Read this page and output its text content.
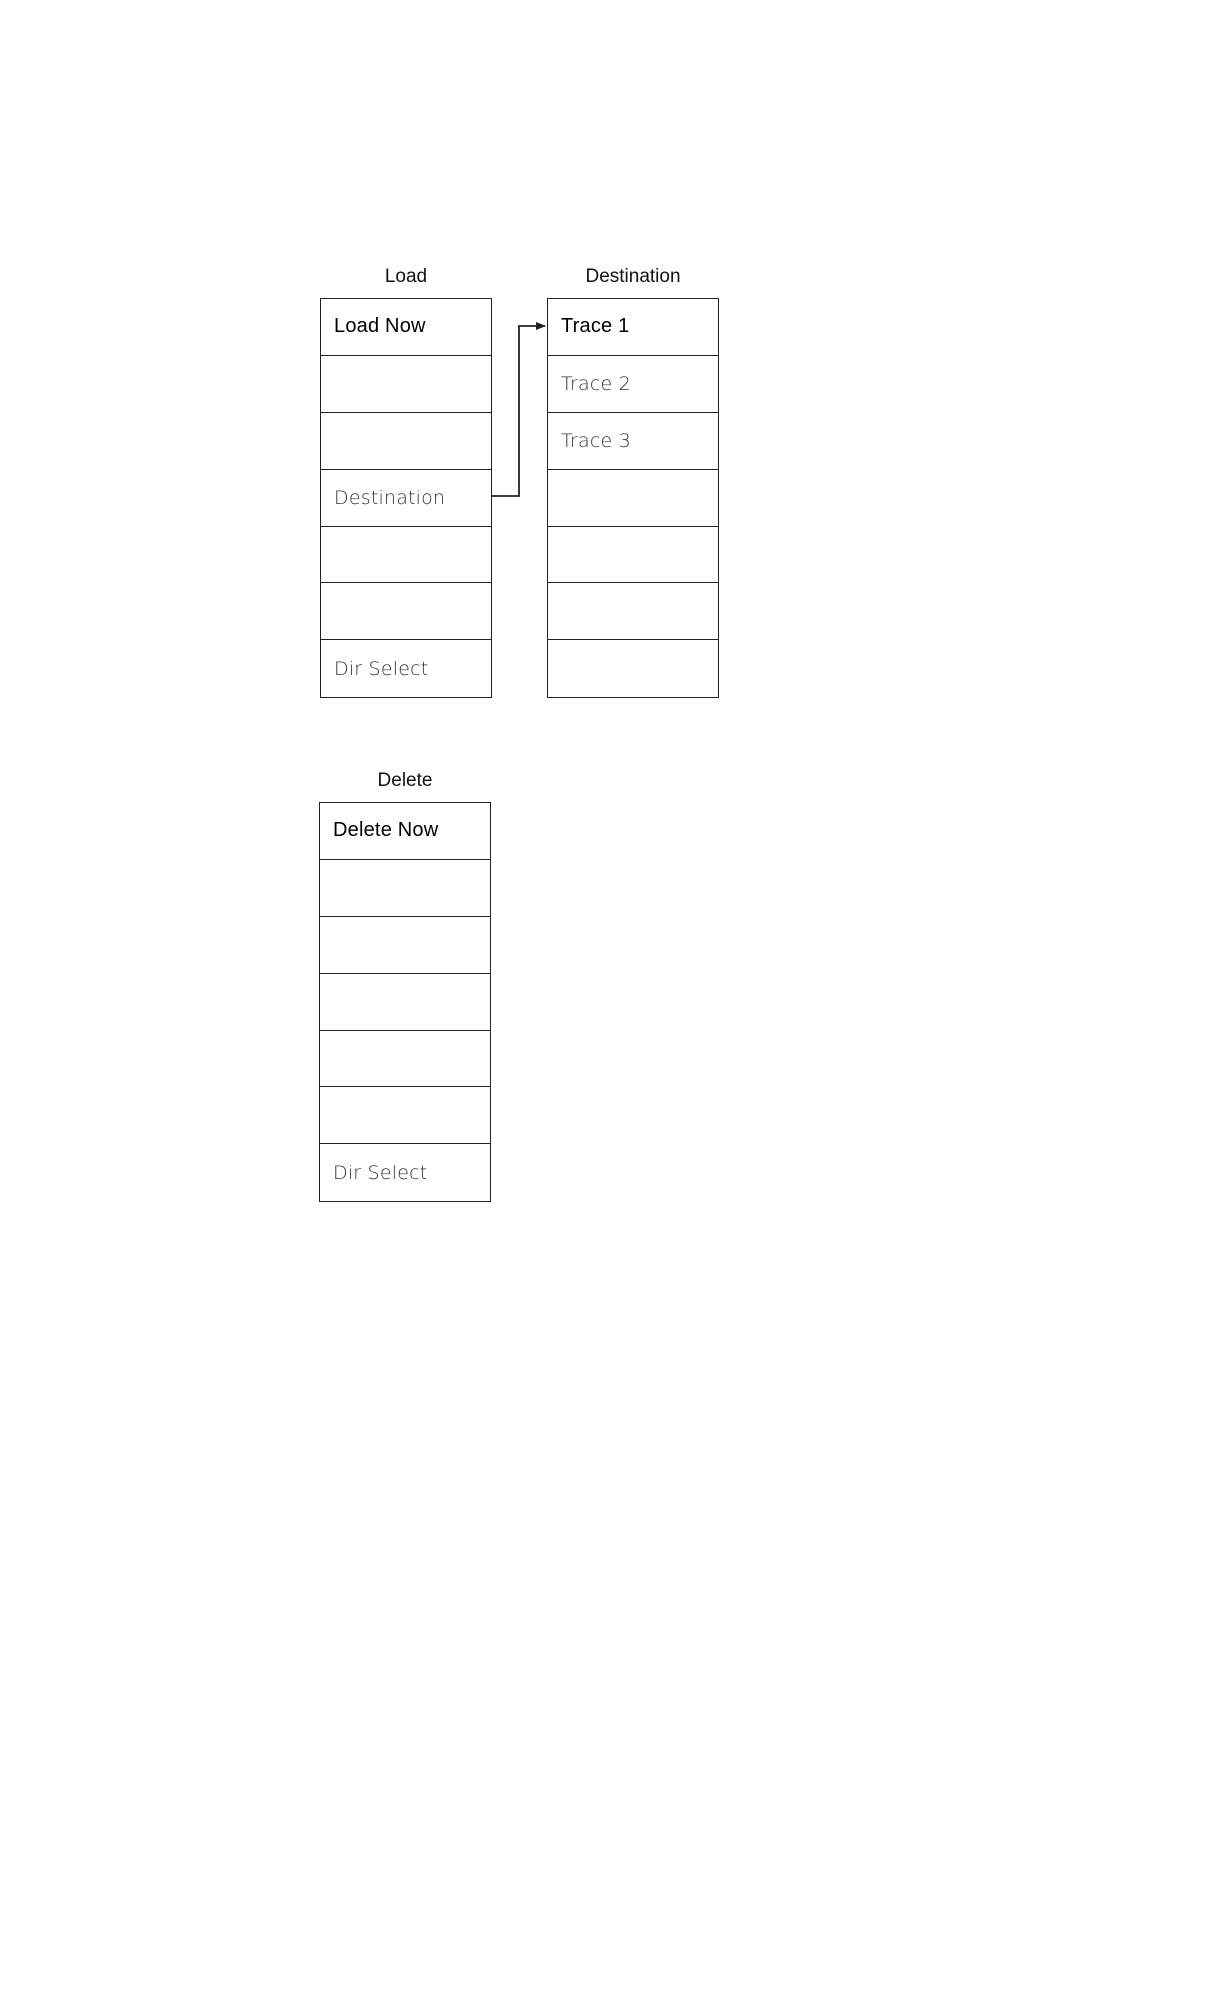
Load
Load Now
Destination
Dir Select
Destination
Trace 1
Trace 2
Trace 3
Delete
Delete Now
Dir Select
